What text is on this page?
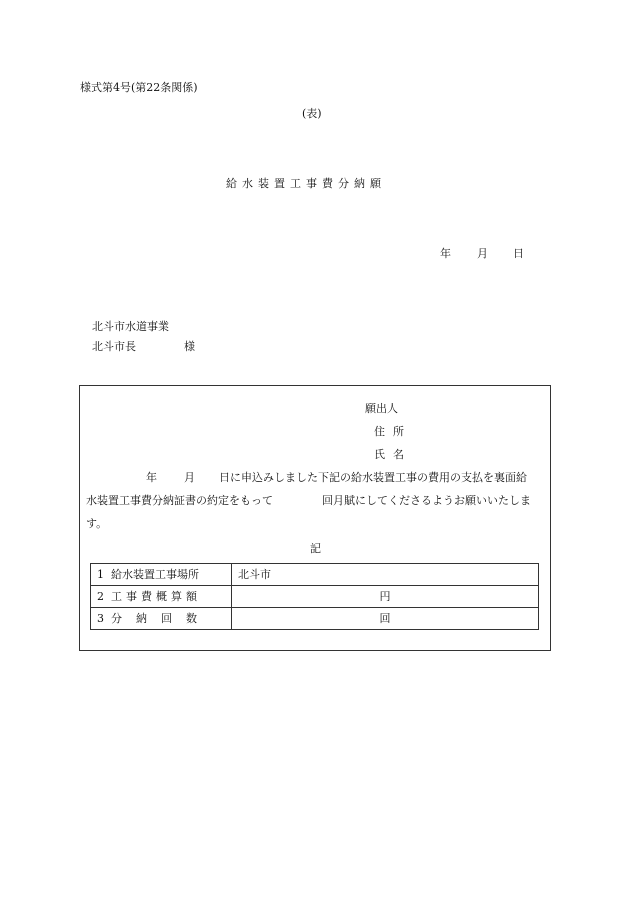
様式第4号(第22条関係)
(表)
給水装置工事費分納願
年 月 日
北斗市水道事業
北斗市長	様
願出人
住所
氏名
年 月 日に申込みしました下記の給水装置工事の費用の支払を裏面給
水装置工事費分納証書の約定をもって	回月賦にしてくださるようお願いいたしま
す。
記
1 給水装置工事場所	北斗市
2 工事費概算額	円
3 分納回数	回
